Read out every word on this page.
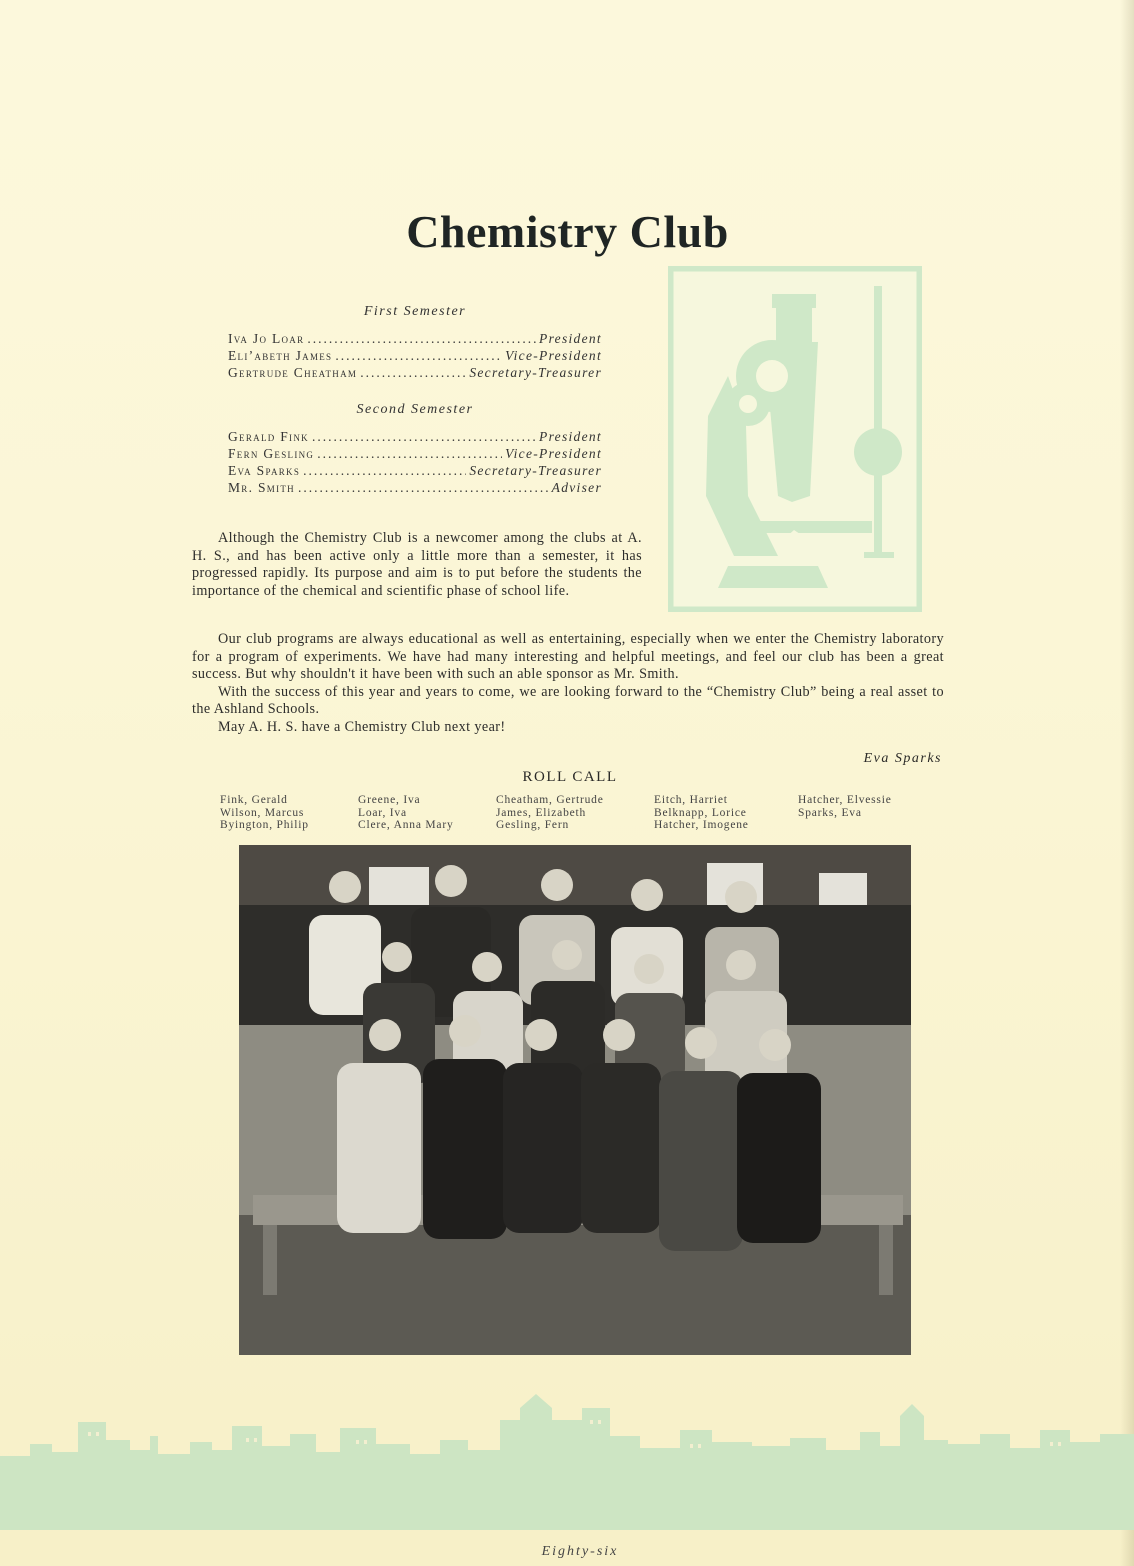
Chemistry Club
First Semester
Iva Jo Loar .....	President
Eli’abeth James .....	Vice-President
Gertrude Cheatham .....	Secretary-Treasurer
Second Semester
Gerald Fink .....	President
Fern Gesling .....	Vice-President
Eva Sparks .....	Secretary-Treasurer
Mr. Smith .....	Adviser

Although the Chemistry Club is a newcomer among the clubs at A. H. S., and has been active only a little more than a semester, it has progressed rapidly. Its purpose and aim is to put before the students the importance of the chemical and scientific phase of school life.

Our club programs are always educational as well as entertaining, especially when we enter the Chemistry laboratory for a program of experiments. We have had many interesting and helpful meetings, and feel our club has been a great success. But why shouldn't it have been with such an able sponsor as Mr. Smith.

With the success of this year and years to come, we are looking forward to the “Chemistry Club” being a real asset to the Ashland Schools.

May A. H. S. have a Chemistry Club next year!

Eva Sparks
ROLL CALL
Fink, Gerald
Wilson, Marcus
Byington, Philip
Greene, Iva
Loar, Iva
Clere, Anna Mary
Cheatham, Gertrude
James, Elizabeth
Gesling, Fern
Eitch, Harriet
Belknapp, Lorice
Hatcher, Imogene
Hatcher, Elvessie
Sparks, Eva
Eighty-six
